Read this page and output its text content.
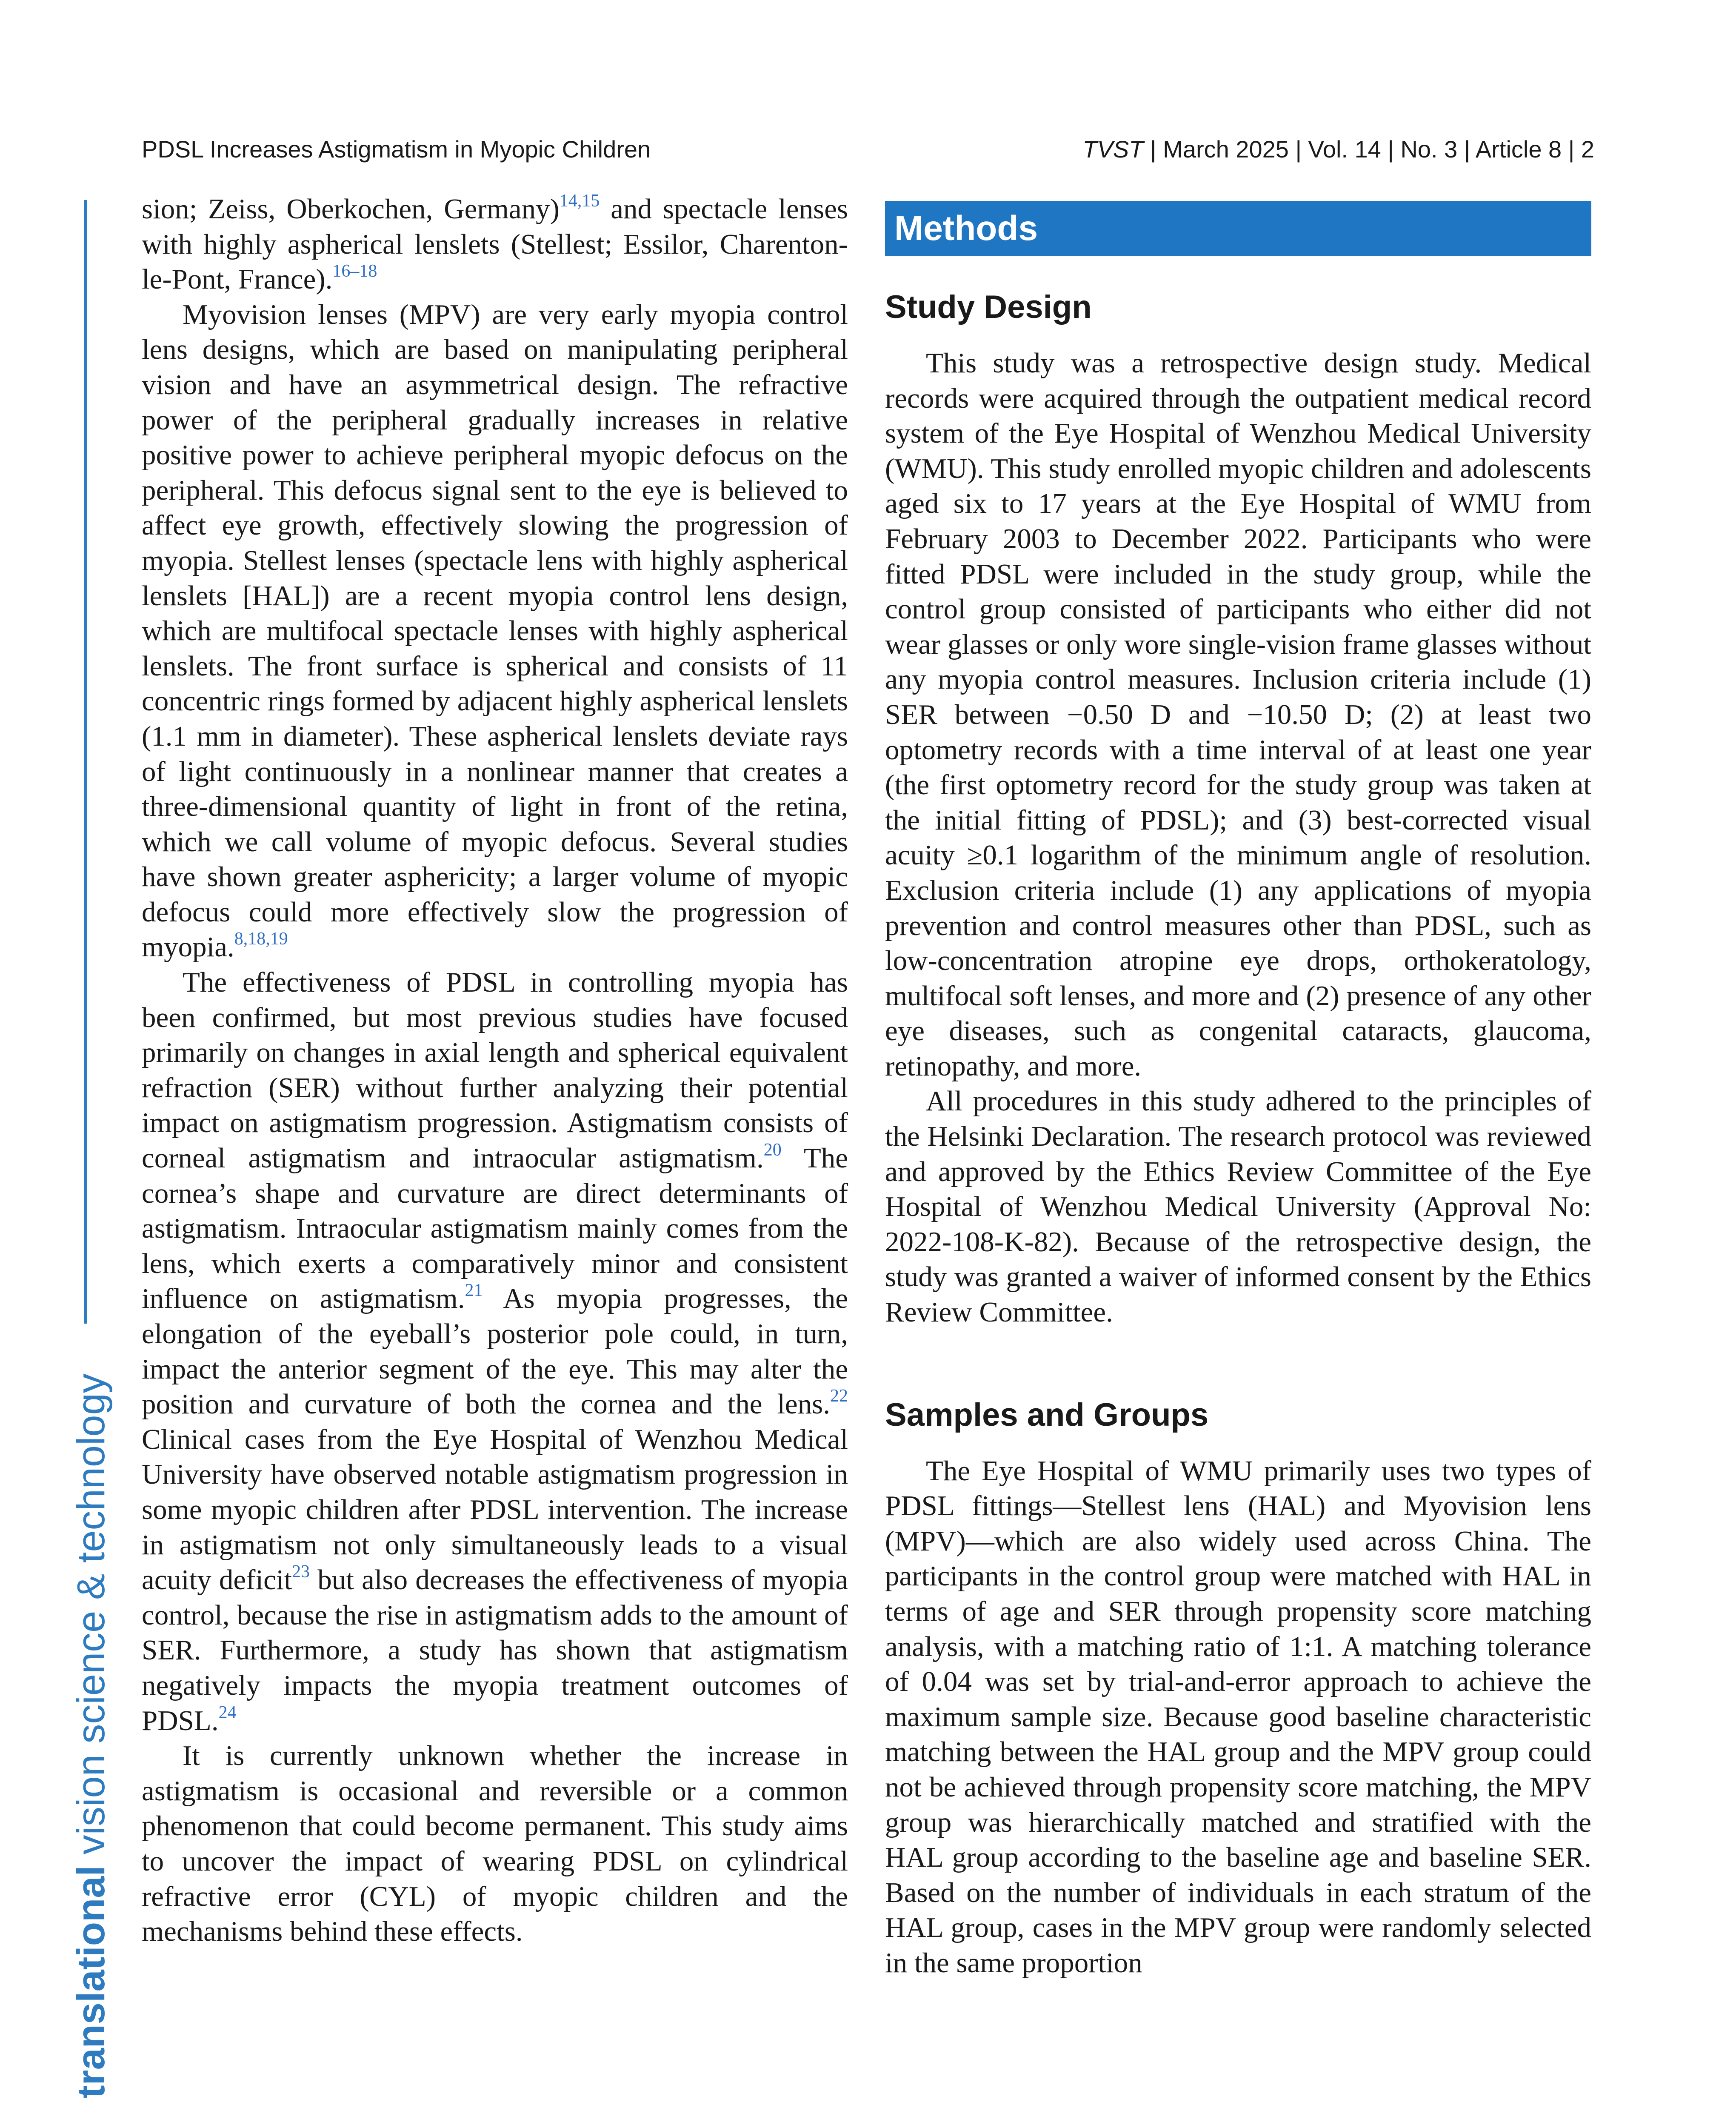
PDSL Increases Astigmatism in Myopic Children	TVST | March 2025 | Vol. 14 | No. 3 | Article 8 | 2
translational vision science & technology

sion; Zeiss, Oberkochen, Germany)$^{14,15}$ and spectacle lenses with highly aspherical lenslets (Stellest; Essilor, Charenton-le-Pont, France).$^{16-18}$

Myovision lenses (MPV) are very early myopia control lens designs, which are based on manipulating peripheral vision and have an asymmetrical design. The refractive power of the peripheral gradually increases in relative positive power to achieve peripheral myopic defocus on the peripheral. This defocus signal sent to the eye is believed to affect eye growth, effectively slowing the progression of myopia. Stellest lenses (spectacle lens with highly aspherical lenslets [HAL]) are a recent myopia control lens design, which are multifocal spectacle lenses with highly aspherical lenslets. The front surface is spherical and consists of 11 concentric rings formed by adjacent highly aspherical lenslets (1.1 mm in diameter). These aspherical lenslets deviate rays of light continuously in a nonlinear manner that creates a three-dimensional quantity of light in front of the retina, which we call volume of myopic defocus. Several studies have shown greater asphericity; a larger volume of myopic defocus could more effectively slow the progression of myopia.$^{8,18,19}$

The effectiveness of PDSL in controlling myopia has been confirmed, but most previous studies have focused primarily on changes in axial length and spherical equivalent refraction (SER) without further analyzing their potential impact on astigmatism progression. Astigmatism consists of corneal astigmatism and intraocular astigmatism.$^{20}$ The cornea’s shape and curvature are direct determinants of astigmatism. Intraocular astigmatism mainly comes from the lens, which exerts a comparatively minor and consistent influence on astigmatism.$^{21}$ As myopia progresses, the elongation of the eyeball’s posterior pole could, in turn, impact the anterior segment of the eye. This may alter the position and curvature of both the cornea and the lens.$^{22}$ Clinical cases from the Eye Hospital of Wenzhou Medical University have observed notable astigmatism progression in some myopic children after PDSL intervention. The increase in astigmatism not only simultaneously leads to a visual acuity deficit$^{23}$ but also decreases the effectiveness of myopia control, because the rise in astigmatism adds to the amount of SER. Furthermore, a study has shown that astigmatism negatively impacts the myopia treatment outcomes of PDSL.$^{24}$

It is currently unknown whether the increase in astigmatism is occasional and reversible or a common phenomenon that could become permanent. This study aims to uncover the impact of wearing PDSL on cylindrical refractive error (CYL) of myopic children and the mechanisms behind these effects.

Methods
Study Design

This study was a retrospective design study. Medical records were acquired through the outpatient medical record system of the Eye Hospital of Wenzhou Medical University (WMU). This study enrolled myopic children and adolescents aged six to 17 years at the Eye Hospital of WMU from February 2003 to December 2022. Participants who were fitted PDSL were included in the study group, while the control group consisted of participants who either did not wear glasses or only wore single-vision frame glasses without any myopia control measures. Inclusion criteria include (1) SER between −0.50 D and −10.50 D; (2) at least two optometry records with a time interval of at least one year (the first optometry record for the study group was taken at the initial fitting of PDSL); and (3) best-corrected visual acuity ≥0.1 logarithm of the minimum angle of resolution. Exclusion criteria include (1) any applications of myopia prevention and control measures other than PDSL, such as low-concentration atropine eye drops, orthokeratology, multifocal soft lenses, and more and (2) presence of any other eye diseases, such as congenital cataracts, glaucoma, retinopathy, and more.

All procedures in this study adhered to the principles of the Helsinki Declaration. The research protocol was reviewed and approved by the Ethics Review Committee of the Eye Hospital of Wenzhou Medical University (Approval No: 2022-108-K-82). Because of the retrospective design, the study was granted a waiver of informed consent by the Ethics Review Committee.

Samples and Groups

The Eye Hospital of WMU primarily uses two types of PDSL fittings—Stellest lens (HAL) and Myovision lens (MPV)—which are also widely used across China. The participants in the control group were matched with HAL in terms of age and SER through propensity score matching analysis, with a matching ratio of 1:1. A matching tolerance of 0.04 was set by trial-and-error approach to achieve the maximum sample size. Because good baseline characteristic matching between the HAL group and the MPV group could not be achieved through propensity score matching, the MPV group was hierarchically matched and stratified with the HAL group according to the baseline age and baseline SER. Based on the number of individuals in each stratum of the HAL group, cases in the MPV group were randomly selected in the same proportion
